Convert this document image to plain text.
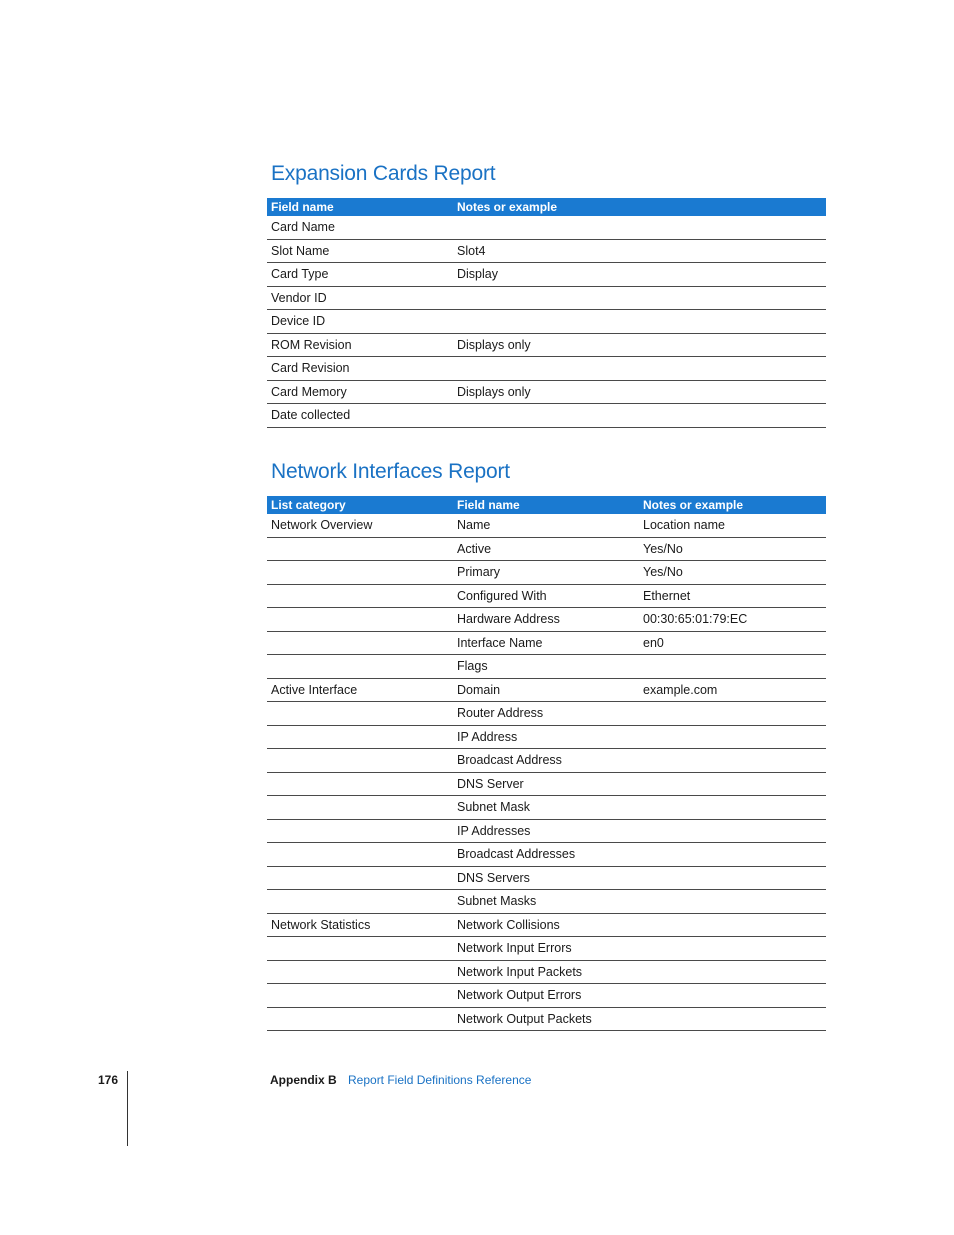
Expansion Cards Report
Field name	Notes or example
Card Name	
Slot Name	Slot4
Card Type	Display
Vendor ID	
Device ID	
ROM Revision	Displays only
Card Revision	
Card Memory	Displays only
Date collected	
Network Interfaces Report
List category	Field name	Notes or example
Network Overview	Name	Location name
	Active	Yes/No
	Primary	Yes/No
	Configured With	Ethernet
	Hardware Address	00:30:65:01:79:EC
	Interface Name	en0
	Flags	
Active Interface	Domain	example.com
	Router Address	
	IP Address	
	Broadcast Address	
	DNS Server	
	Subnet Mask	
	IP Addresses	
	Broadcast Addresses	
	DNS Servers	
	Subnet Masks	
Network Statistics	Network Collisions	
	Network Input Errors	
	Network Input Packets	
	Network Output Errors	
	Network Output Packets	
176	Appendix B Report Field Definitions Reference
